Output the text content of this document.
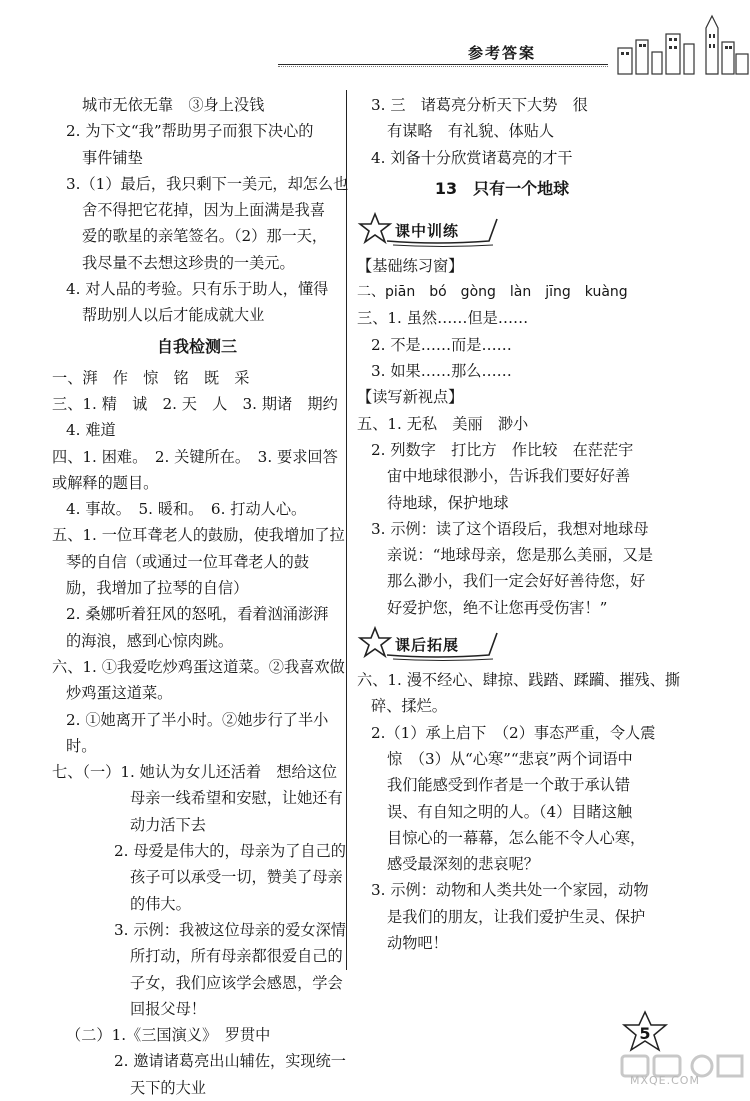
参考答案
城市无依无靠　③身上没钱
2. 为下文“我”帮助男子而狠下决心的
事件铺垫
3.（1）最后，我只剩下一美元，却怎么也
舍不得把它花掉，因为上面满是我喜
爱的歌星的亲笔签名。（2）那一天，
我尽量不去想这珍贵的一美元。
4. 对人品的考验。只有乐于助人，懂得
帮助别人以后才能成就大业
自我检测三
一、湃　作　惊　铭　既　采
三、1. 精　诚　2. 天　人　3. 期诸　期约
4. 难道
四、1. 困难。　2. 关键所在。　3. 要求回答
或解释的题目。
4. 事故。　5. 暖和。　6. 打动人心。
五、1. 一位耳聋老人的鼓励，使我增加了拉
琴的自信（或通过一位耳聋老人的鼓
励，我增加了拉琴的自信）
2. 桑娜听着狂风的怒吼，看着汹涌澎湃
的海浪，感到心惊肉跳。
六、1. ①我爱吃炒鸡蛋这道菜。②我喜欢做
炒鸡蛋这道菜。
2. ①她离开了半小时。②她步行了半小
时。
七、（一）1. 她认为女儿还活着　想给这位
母亲一线希望和安慰，让她还有
动力活下去
2. 母爱是伟大的，母亲为了自己的
孩子可以承受一切，赞美了母亲
的伟大。
3. 示例：我被这位母亲的爱女深情
所打动，所有母亲都很爱自己的
子女，我们应该学会感恩，学会
回报父母！
（二）1.《三国演义》　罗贯中
2. 邀请诸葛亮出山辅佐，实现统一
天下的大业
3. 三　诸葛亮分析天下大势　很
有谋略　有礼貌、体贴人
4. 刘备十分欣赏诸葛亮的才干
13　只有一个地球
课中训练
【基础练习窗】
二、piān　bó　gòng　làn　jīng　kuàng
三、1. 虽然……但是……
2. 不是……而是……
3. 如果……那么……
【读写新视点】
五、1. 无私　美丽　渺小
2. 列数字　打比方　作比较　在茫茫宇
宙中地球很渺小，告诉我们要好好善
待地球，保护地球
3. 示例：读了这个语段后，我想对地球母
亲说：“地球母亲，您是那么美丽，又是
那么渺小，我们一定会好好善待您，好
好爱护您，绝不让您再受伤害！”
课后拓展
六、1. 漫不经心、肆掠、践踏、蹂躏、摧残、撕
碎、揉烂。
2.（1）承上启下　（2）事态严重，令人震
惊　（3）从“心寒”“悲哀”两个词语中
我们能感受到作者是一个敢于承认错
误、有自知之明的人。（4）目睹这触
目惊心的一幕幕，怎么能不令人心寒，
感受最深刻的悲哀呢？
3. 示例：动物和人类共处一个家园，动物
是我们的朋友，让我们爱护生灵、保护
动物吧！
5
MXQE.COM
